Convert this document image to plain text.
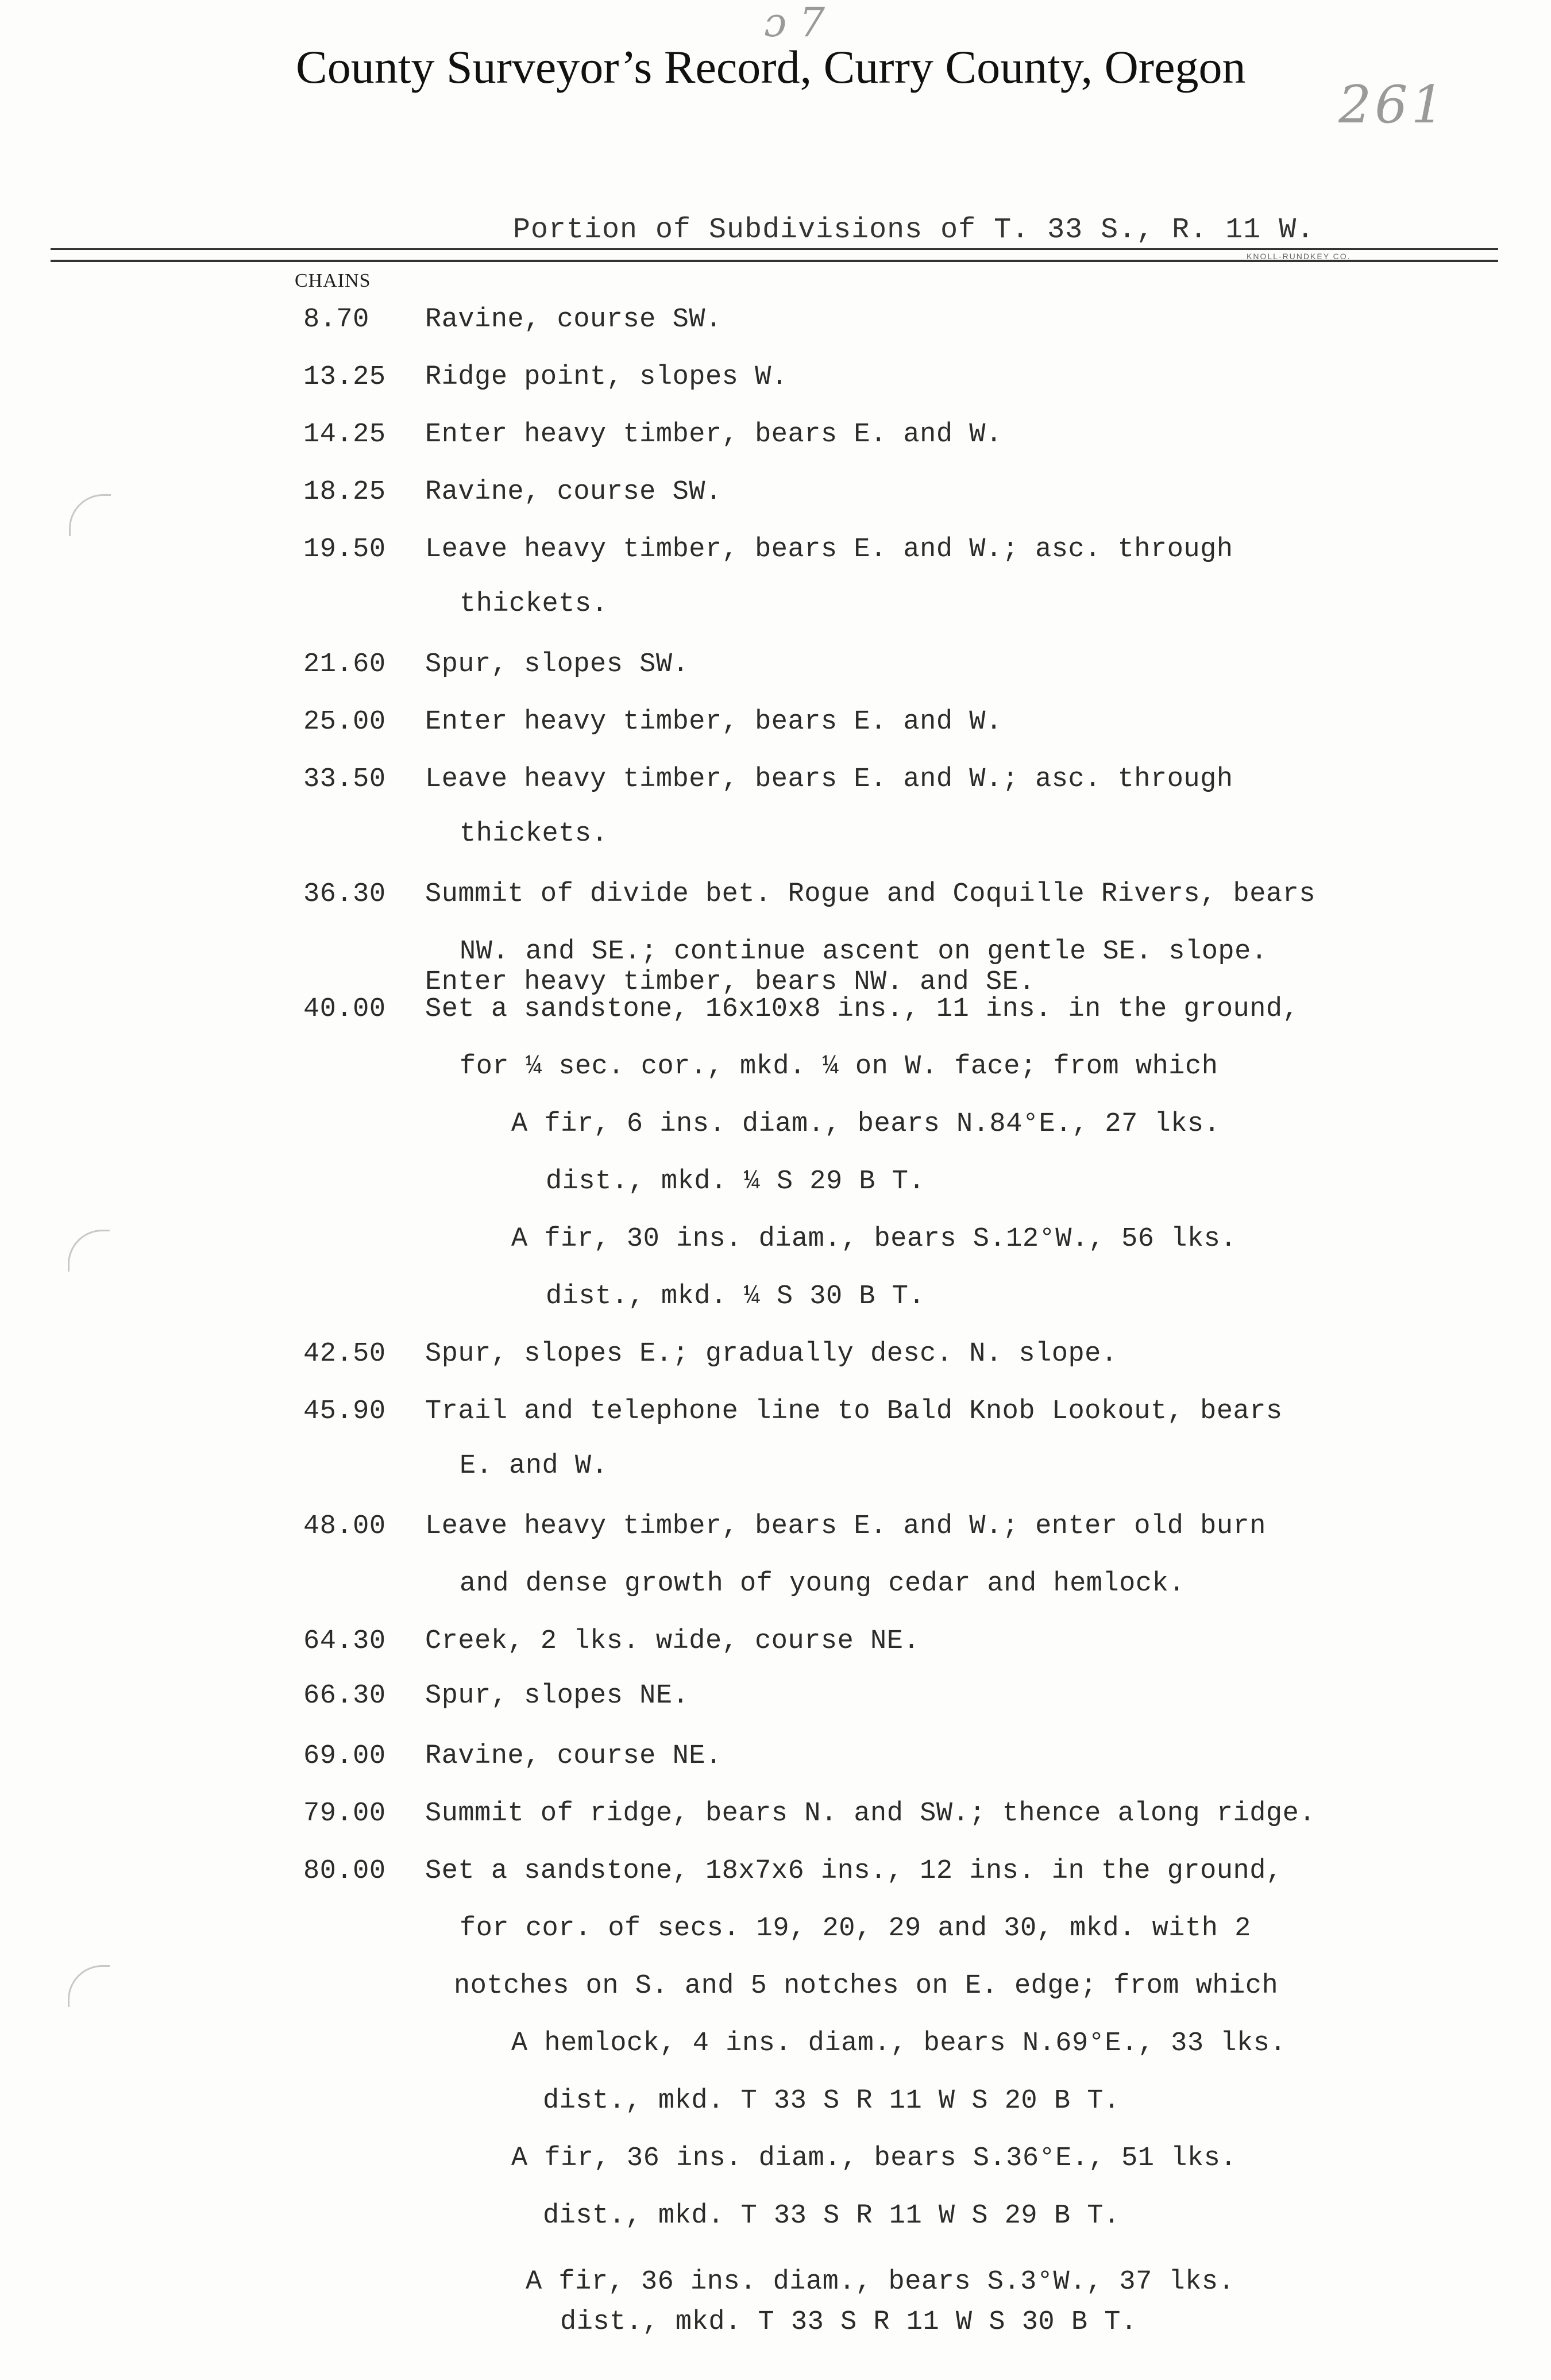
ɔ 7
261
County Surveyor’s Record, Curry County, Oregon
Portion of Subdivisions of T. 33 S., R. 11 W.
KNOLL-RUNDKEY CO.
CHAINS
8.70 Ravine, course SW.
13.25 Ridge point, slopes W.
14.25 Enter heavy timber, bears E. and W.
18.25 Ravine, course SW.
19.50 Leave heavy timber, bears E. and W.; asc. through
thickets.
21.60 Spur, slopes SW.
25.00 Enter heavy timber, bears E. and W.
33.50 Leave heavy timber, bears E. and W.; asc. through
thickets.
36.30 Summit of divide bet. Rogue and Coquille Rivers, bears
NW. and SE.; continue ascent on gentle SE. slope.
Enter heavy timber, bears NW. and SE.
40.00 Set a sandstone, 16x10x8 ins., 11 ins. in the ground,
for ¼ sec. cor., mkd. ¼ on W. face; from which
A fir, 6 ins. diam., bears N.84°E., 27 lks.
dist., mkd. ¼ S 29 B T.
A fir, 30 ins. diam., bears S.12°W., 56 lks.
dist., mkd. ¼ S 30 B T.
42.50 Spur, slopes E.; gradually desc. N. slope.
45.90 Trail and telephone line to Bald Knob Lookout, bears
E. and W.
48.00 Leave heavy timber, bears E. and W.; enter old burn
and dense growth of young cedar and hemlock.
64.30 Creek, 2 lks. wide, course NE.
66.30 Spur, slopes NE.
69.00 Ravine, course NE.
79.00 Summit of ridge, bears N. and SW.; thence along ridge.
80.00 Set a sandstone, 18x7x6 ins., 12 ins. in the ground,
for cor. of secs. 19, 20, 29 and 30, mkd. with 2
notches on S. and 5 notches on E. edge; from which
A hemlock, 4 ins. diam., bears N.69°E., 33 lks.
dist., mkd. T 33 S R 11 W S 20 B T.
A fir, 36 ins. diam., bears S.36°E., 51 lks.
dist., mkd. T 33 S R 11 W S 29 B T.
A fir, 36 ins. diam., bears S.3°W., 37 lks.
dist., mkd. T 33 S R 11 W S 30 B T.
